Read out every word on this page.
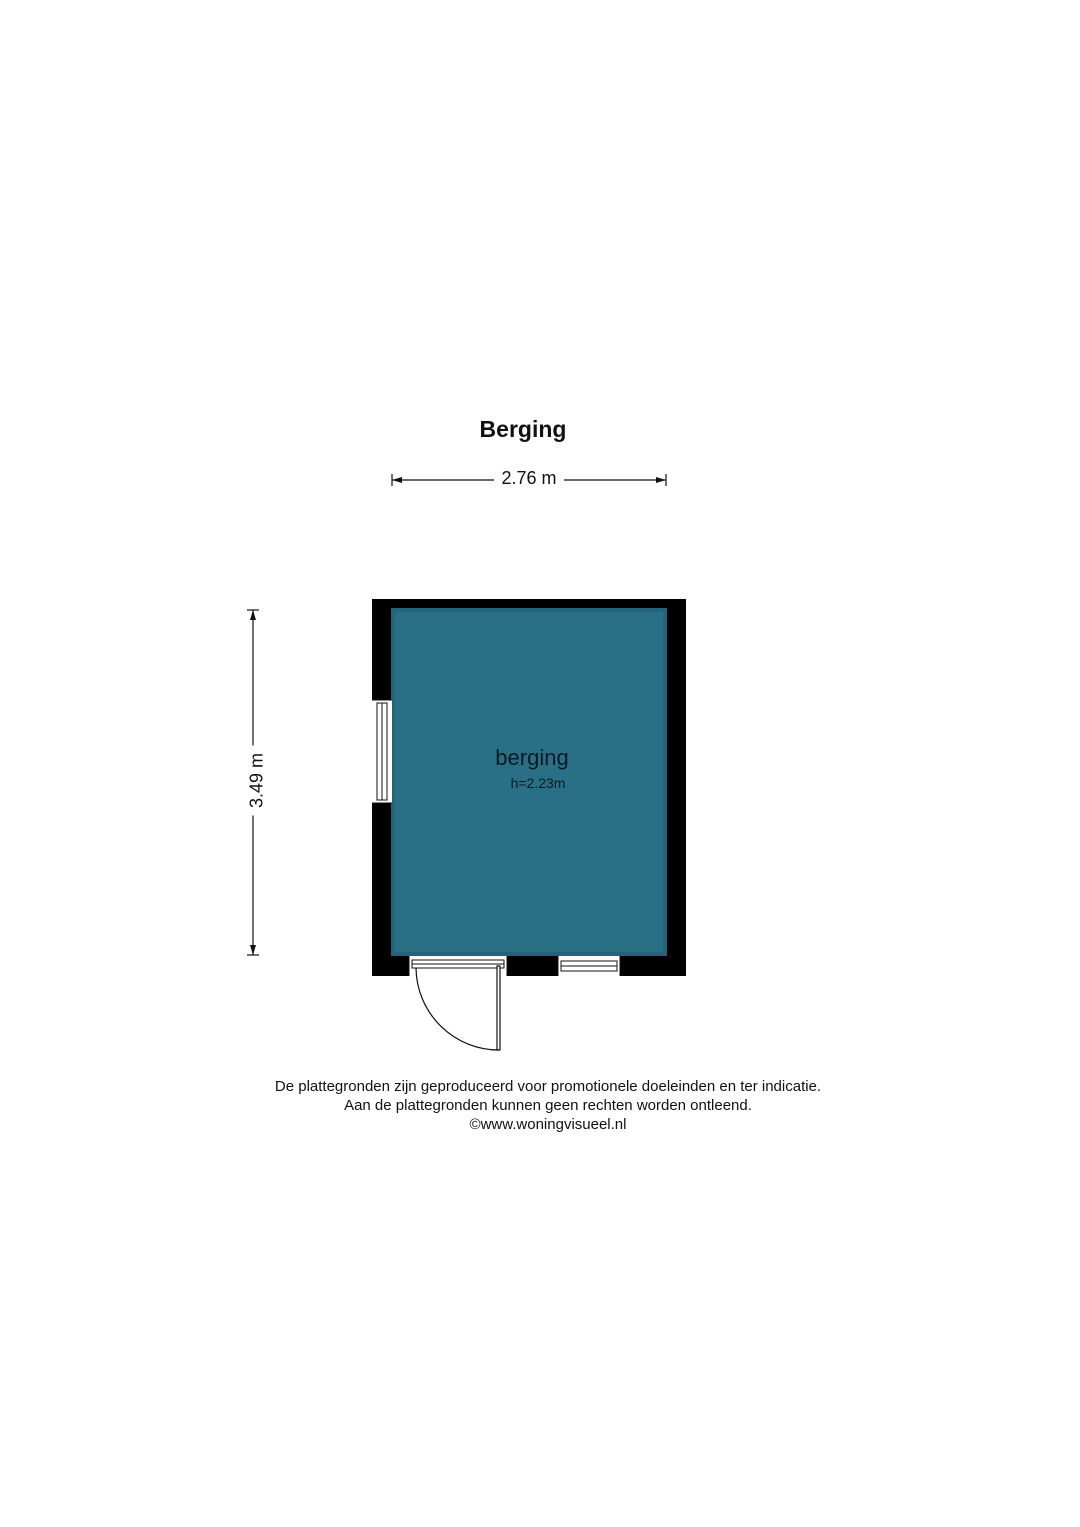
Berging
2.76 m
3.49 m	berging
h=2.23m
De plattegronden zijn geproduceerd voor promotionele doeleinden en ter indicatie.
Aan de plattegronden kunnen geen rechten worden ontleend.
©www.woningvisueel.nl
